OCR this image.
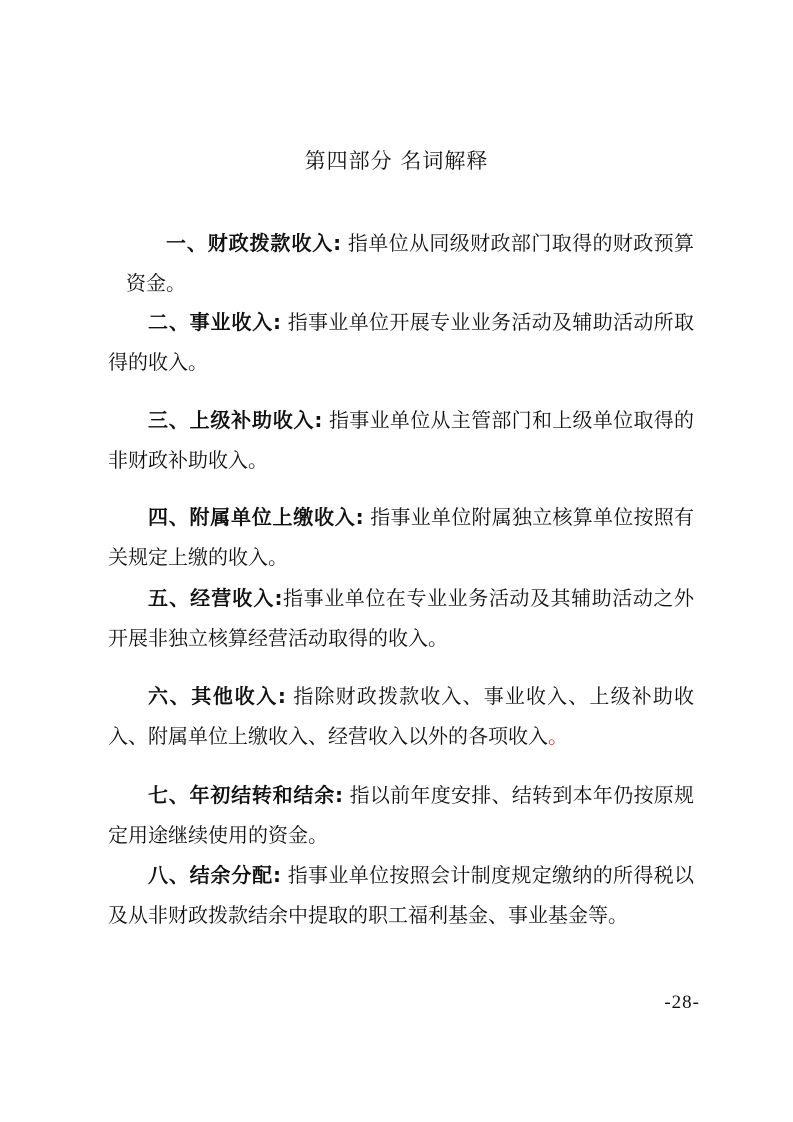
第四部分 名词解释

一、财政拨款收入: 指单位从同级财政部门取得的财政预算资金。

二、事业收入: 指事业单位开展专业业务活动及辅助活动所取得的收入。

三、上级补助收入: 指事业单位从主管部门和上级单位取得的非财政补助收入。

四、附属单位上缴收入: 指事业单位附属独立核算单位按照有关规定上缴的收入。

五、经营收入:指事业单位在专业业务活动及其辅助活动之外开展非独立核算经营活动取得的收入。

六、其他收入: 指除财政拨款收入、事业收入、上级补助收入、附属单位上缴收入、经营收入以外的各项收入。

七、年初结转和结余: 指以前年度安排、结转到本年仍按原规定用途继续使用的资金。

八、结余分配: 指事业单位按照会计制度规定缴纳的所得税以及从非财政拨款结余中提取的职工福利基金、事业基金等。

-28-
